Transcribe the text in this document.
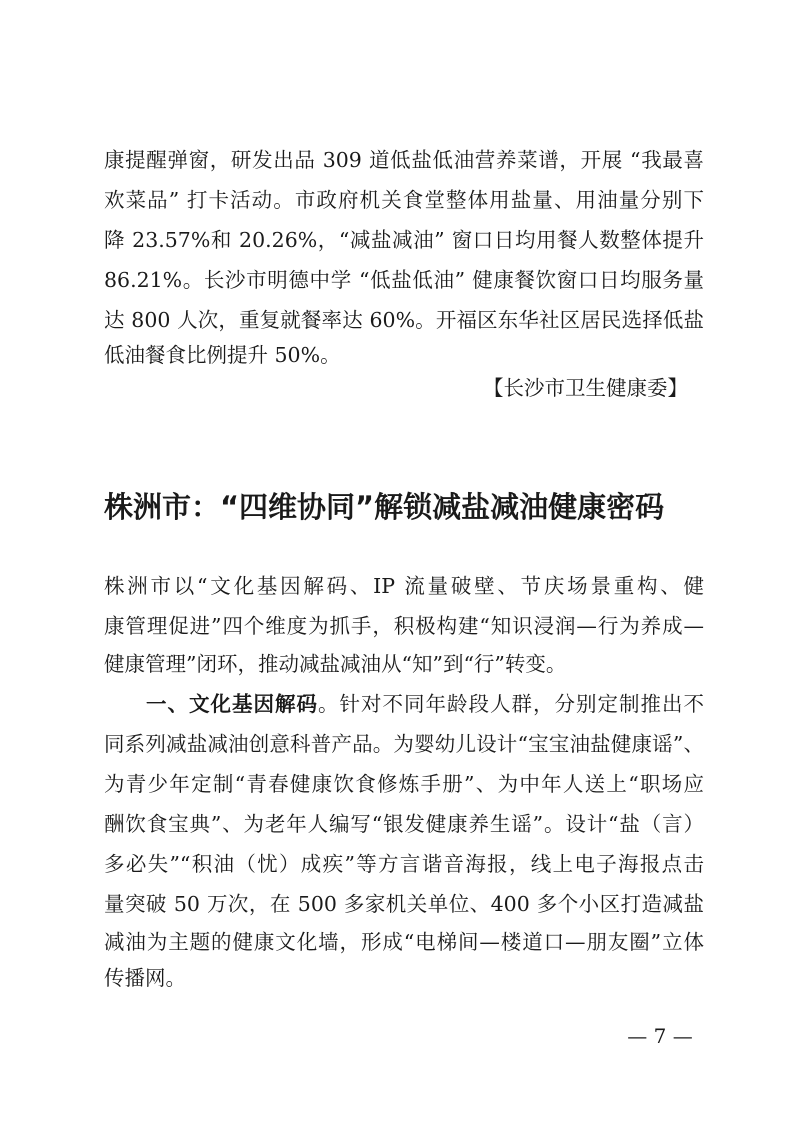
康提醒弹窗，研发出品 309 道低盐低油营养菜谱，开展 “我最喜
欢菜品” 打卡活动。市政府机关食堂整体用盐量、用油量分别下
降 23.57%和 20.26%，“减盐减油” 窗口日均用餐人数整体提升
86.21%。长沙市明德中学 “低盐低油” 健康餐饮窗口日均服务量
达 800 人次，重复就餐率达 60%。开福区东华社区居民选择低盐
低油餐食比例提升 50%。
【长沙市卫生健康委】
株洲市：“四维协同”解锁减盐减油健康密码
株洲市以“文化基因解码、IP 流量破壁、节庆场景重构、健
康管理促进”四个维度为抓手，积极构建“知识浸润—行为养成—
健康管理”闭环，推动减盐减油从“知”到“行”转变。
一、文化基因解码。针对不同年龄段人群，分别定制推出不
同系列减盐减油创意科普产品。为婴幼儿设计“宝宝油盐健康谣”、
为青少年定制“青春健康饮食修炼手册”、为中年人送上“职场应
酬饮食宝典”、为老年人编写“银发健康养生谣”。设计“盐（言）
多必失”“积油（忧）成疾”等方言谐音海报，线上电子海报点击
量突破 50 万次，在 500 多家机关单位、400 多个小区打造减盐
减油为主题的健康文化墙，形成“电梯间—楼道口—朋友圈”立体
传播网。
— 7 —
